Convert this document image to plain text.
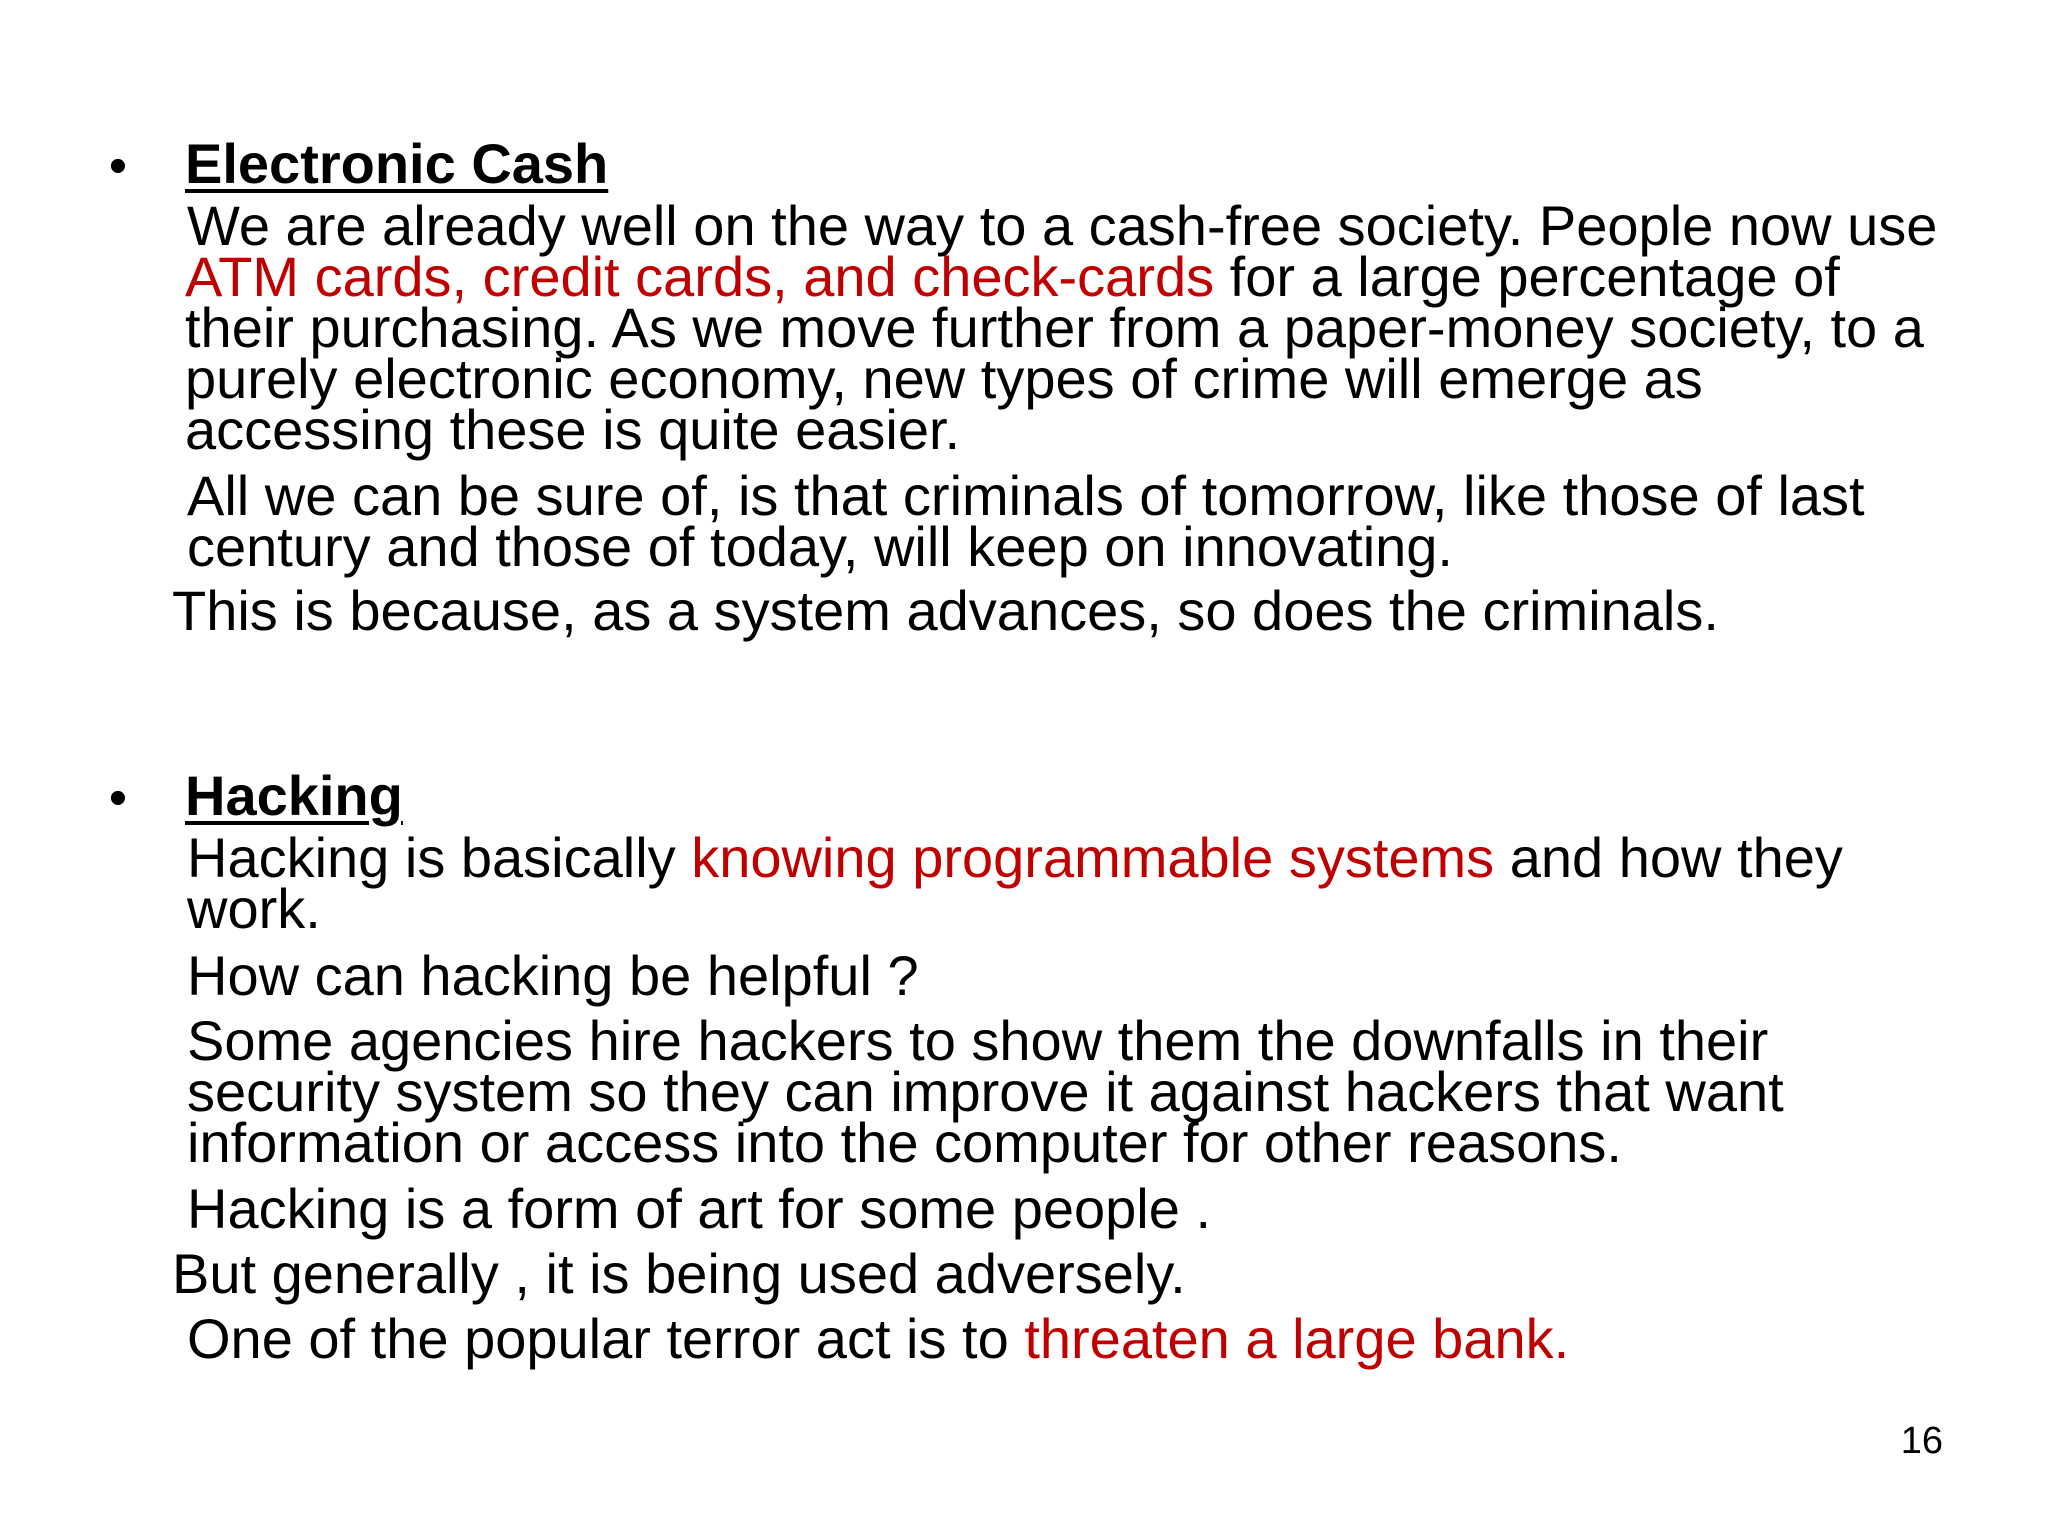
•	Electronic Cash
We are already well on the way to a cash-free society. People now use ATM cards, credit cards, and check-cards for a large percentage of their purchasing. As we move further from a paper-money society, to a purely electronic economy, new types of crime will emerge as accessing these is quite easier.
All we can be sure of, is that criminals of tomorrow, like those of last century and those of today, will keep on innovating.
This is because, as a system advances, so does the criminals.
•	Hacking
Hacking is basically knowing programmable systems and how they work.
How can hacking be helpful ?
Some agencies hire hackers to show them the downfalls in their security system so they can improve it against hackers that want information or access into the computer for other reasons.
Hacking is a form of art for some people .
But generally , it is being used adversely.
One of the popular terror act is to threaten a large bank.
16
